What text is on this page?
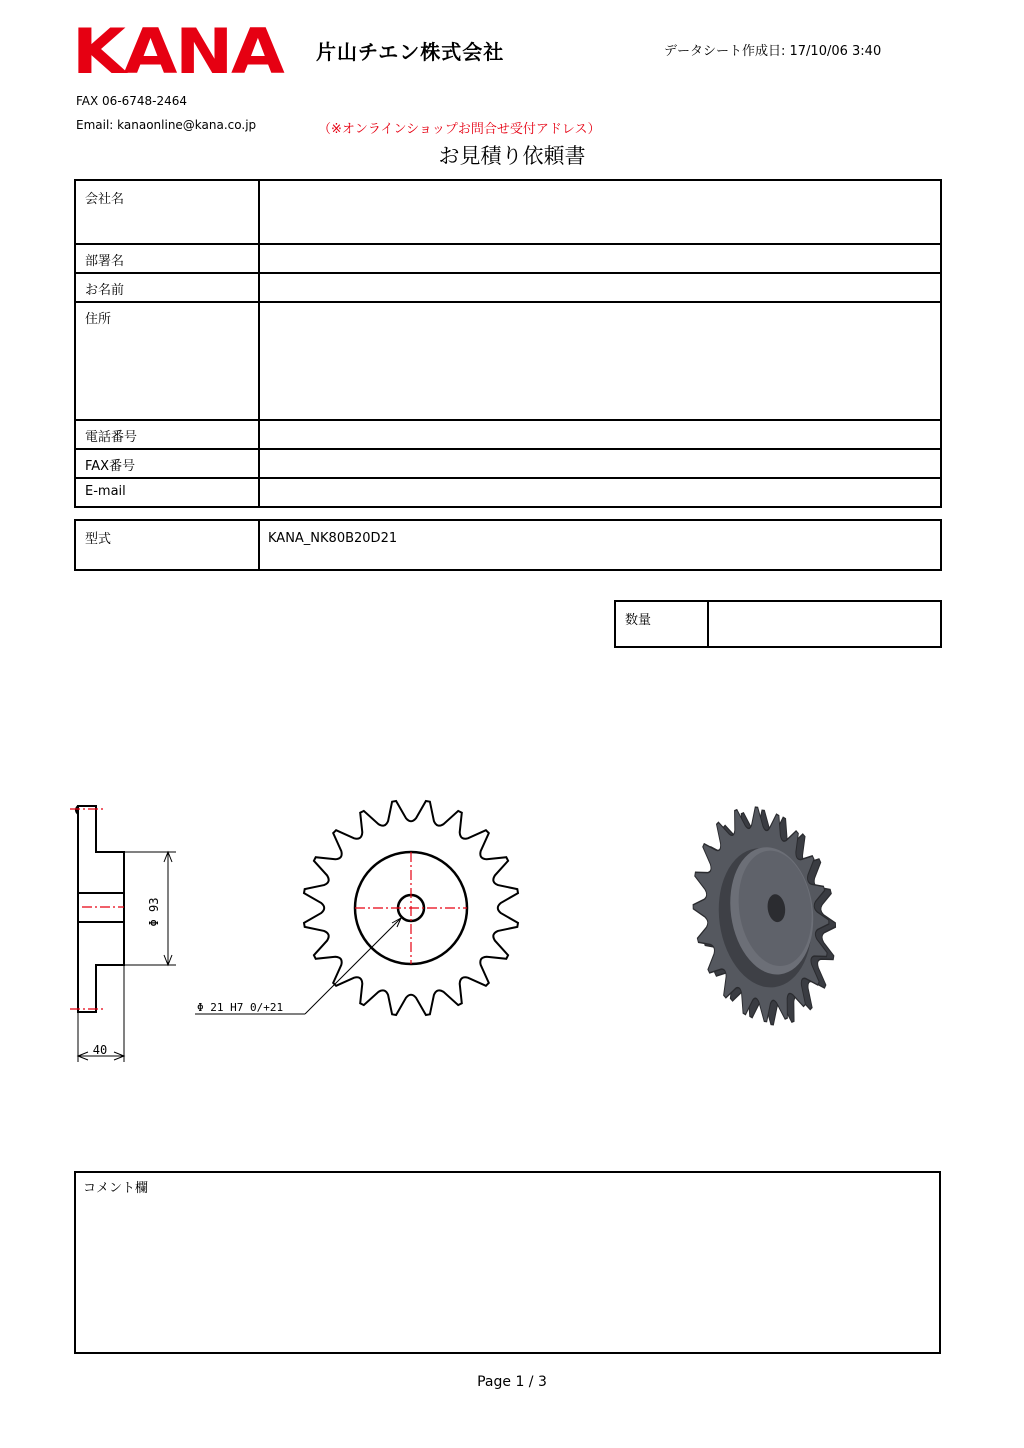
KANA 片山チエン株式会社	データシート作成日: 17/10/06 3:40
FAX 06-6748-2464
Email: kanaonline@kana.co.jp	（※オンラインショップお問合せ受付アドレス）
お見積り依頼書
会社名	
部署名	
お名前	
住所	
電話番号	
FAX番号	
E-mail	
型式	KANA_NK80B20D21
数量	
Φ 93
40
Φ 21 H7 0/+21
コメント欄
Page 1 / 3
